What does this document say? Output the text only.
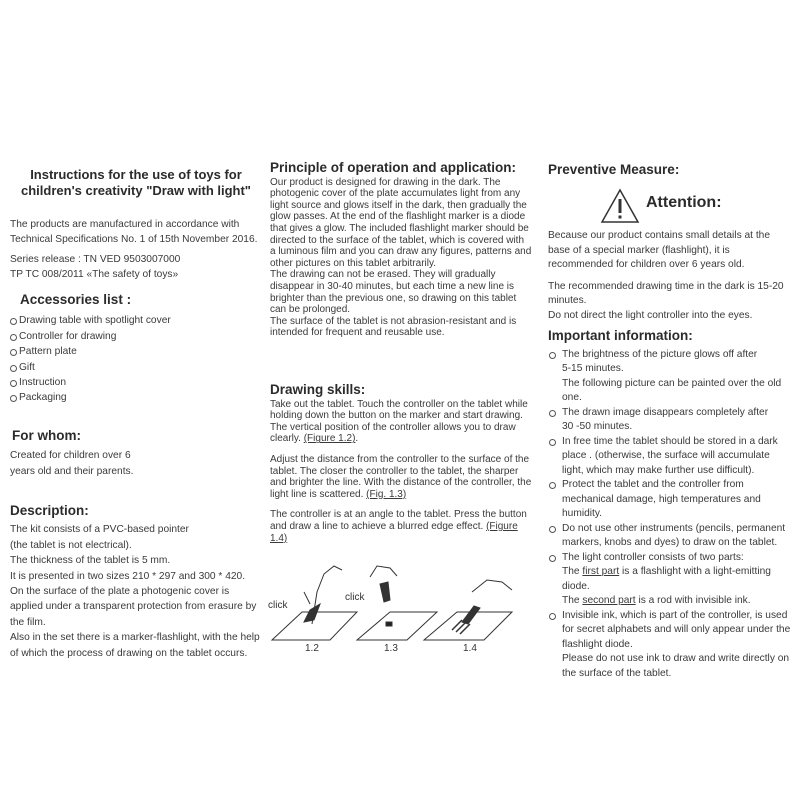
Instructions for the use of toys for children's creativity "Draw with light"

The products are manufactured in accordance with Technical Specifications No. 1 of 15th November 2016.

Series release : TN VED 9503007000

TP TC 008/2011 «The safety of toys»

Accessories list :
Drawing table with spotlight cover
Controller for drawing
Pattern plate
Gift
Instruction
Packaging
For whom:

Created for children over 6 years old and their parents.

Description:

The kit consists of a PVC-based pointer

(the tablet is not electrical).

The thickness of the tablet is 5 mm.

It is presented in two sizes 210 * 297 and 300 * 420. On the surface of the plate a photogenic cover is applied under a transparent protection from erasure by the film.

Also in the set there is a marker-flashlight, with the help of which the process of drawing on the tablet occurs.

Principle of operation and application:

Our product is designed for drawing in the dark. The photogenic cover of the plate accumulates light from any light source and glows itself in the dark, then gradually the glow passes. At the end of the flashlight marker is a diode that gives a glow. The included flashlight marker should be directed to the surface of the tablet, which is covered with a luminous film and you can draw any figures, patterns and other pictures on this tablet arbitrarily.

The drawing can not be erased. They will gradually disappear in 30-40 minutes, but each time a new line is brighter than the previous one, so drawing on this tablet can be prolonged.

The surface of the tablet is not abrasion-resistant and is intended for frequent and reusable use.

Drawing skills:

Take out the tablet. Touch the controller on the tablet while holding down the button on the marker and start drawing.

The vertical position of the controller allows you to draw clearly. (Figure 1.2).

Adjust the distance from the controller to the surface of the tablet. The closer the controller to the tablet, the sharper and brighter the line. With the distance of the controller, the light line is scattered. (Fig. 1.3)

The controller is at an angle to the tablet. Press the button and draw a line to achieve a blurred edge effect. (Figure 1.4)

click
click
1.2	1.3	1.4
Preventive Measure:
Attention:

Because our product contains small details at the base of a special marker (flashlight), it is recommended for children over 6 years old.

The recommended drawing time in the dark is 15-20 minutes.

Do not direct the light controller into the eyes.

Important information:
The brightness of the picture glows off after
5-15 minutes.
The following picture can be painted over the old one.
The drawn image disappears completely after
30 -50 minutes.
In free time the tablet should be stored in a dark place . (otherwise, the surface will accumulate light, which may make further use difficult).
Protect the tablet and the controller from mechanical damage, high temperatures and humidity.
Do not use other instruments (pencils, permanent markers, knobs and dyes) to draw on the tablet.
The light controller consists of two parts:
The first part is a flashlight with a light-emitting diode.
The second part is a rod with invisible ink.
Invisible ink, which is part of the controller, is used for secret alphabets and will only appear under the flashlight diode.
Please do not use ink to draw and write directly on the surface of the tablet.
